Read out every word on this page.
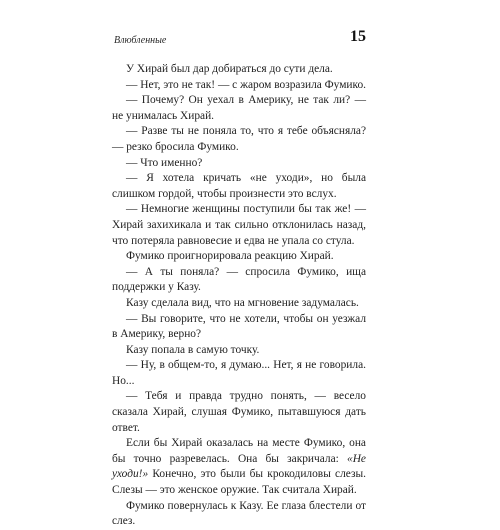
Влюбленные	15

У Хирай был дар добираться до сути дела.

— Нет, это не так! — с жаром возразила Фумико.

— Почему? Он уехал в Америку, не так ли? — не унималась Хирай.

— Разве ты не поняла то, что я тебе объясняла? — резко бросила Фумико.

— Что именно?

— Я хотела кричать «не уходи», но была слишком гордой, чтобы произнести это вслух.

— Немногие женщины поступили бы так же! — Хирай захихикала и так сильно отклонилась назад, что потеряла равновесие и едва не упала со стула.

Фумико проигнорировала реакцию Хирай.

— А ты поняла? — спросила Фумико, ища поддержки у Казу.

Казу сделала вид, что на мгновение задумалась.

— Вы говорите, что не хотели, чтобы он уезжал в Америку, верно?

Казу попала в самую точку.

— Ну, в общем-то, я думаю... Нет, я не говорила. Но...

— Тебя и правда трудно понять, — весело сказала Хирай, слушая Фумико, пытавшуюся дать ответ.

Если бы Хирай оказалась на месте Фумико, она бы точно разревелась. Она бы закричала: «Не уходи!» Конечно, это были бы крокодиловы слезы. Слезы — это женское оружие. Так считала Хирай.

Фумико повернулась к Казу. Ее глаза блестели от слез.
